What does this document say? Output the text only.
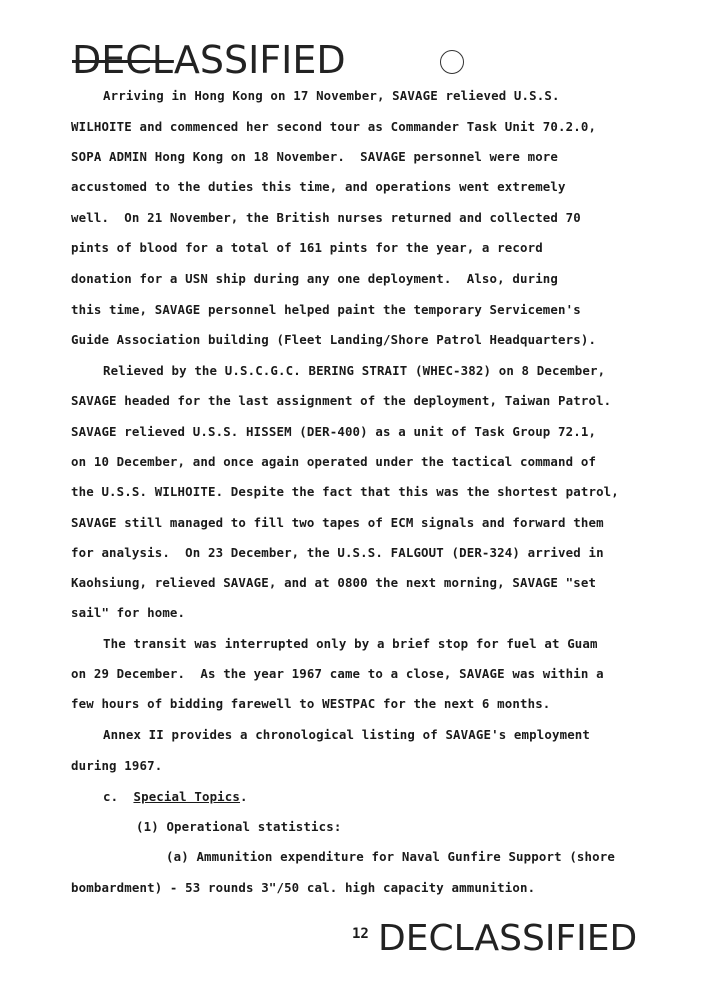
DECLASSIFIED
Arriving in Hong Kong on 17 November, SAVAGE relieved U.S.S.
WILHOITE and commenced her second tour as Commander Task Unit 70.2.0,
SOPA ADMIN Hong Kong on 18 November.  SAVAGE personnel were more
accustomed to the duties this time, and operations went extremely
well.  On 21 November, the British nurses returned and collected 70
pints of blood for a total of 161 pints for the year, a record
donation for a USN ship during any one deployment.  Also, during
this time, SAVAGE personnel helped paint the temporary Servicemen's
Guide Association building (Fleet Landing/Shore Patrol Headquarters).
Relieved by the U.S.C.G.C. BERING STRAIT (WHEC-382) on 8 December,
SAVAGE headed for the last assignment of the deployment, Taiwan Patrol.
SAVAGE relieved U.S.S. HISSEM (DER-400) as a unit of Task Group 72.1,
on 10 December, and once again operated under the tactical command of
the U.S.S. WILHOITE. Despite the fact that this was the shortest patrol,
SAVAGE still managed to fill two tapes of ECM signals and forward them
for analysis.  On 23 December, the U.S.S. FALGOUT (DER-324) arrived in
Kaohsiung, relieved SAVAGE, and at 0800 the next morning, SAVAGE "set
sail" for home.
The transit was interrupted only by a brief stop for fuel at Guam
on 29 December.  As the year 1967 came to a close, SAVAGE was within a
few hours of bidding farewell to WESTPAC for the next 6 months.
Annex II provides a chronological listing of SAVAGE's employment
during 1967.
c. Special Topics.
(1) Operational statistics:
(a) Ammunition expenditure for Naval Gunfire Support (shore
bombardment) - 53 rounds 3"/50 cal. high capacity ammunition.
12 DECLASSIFIED
